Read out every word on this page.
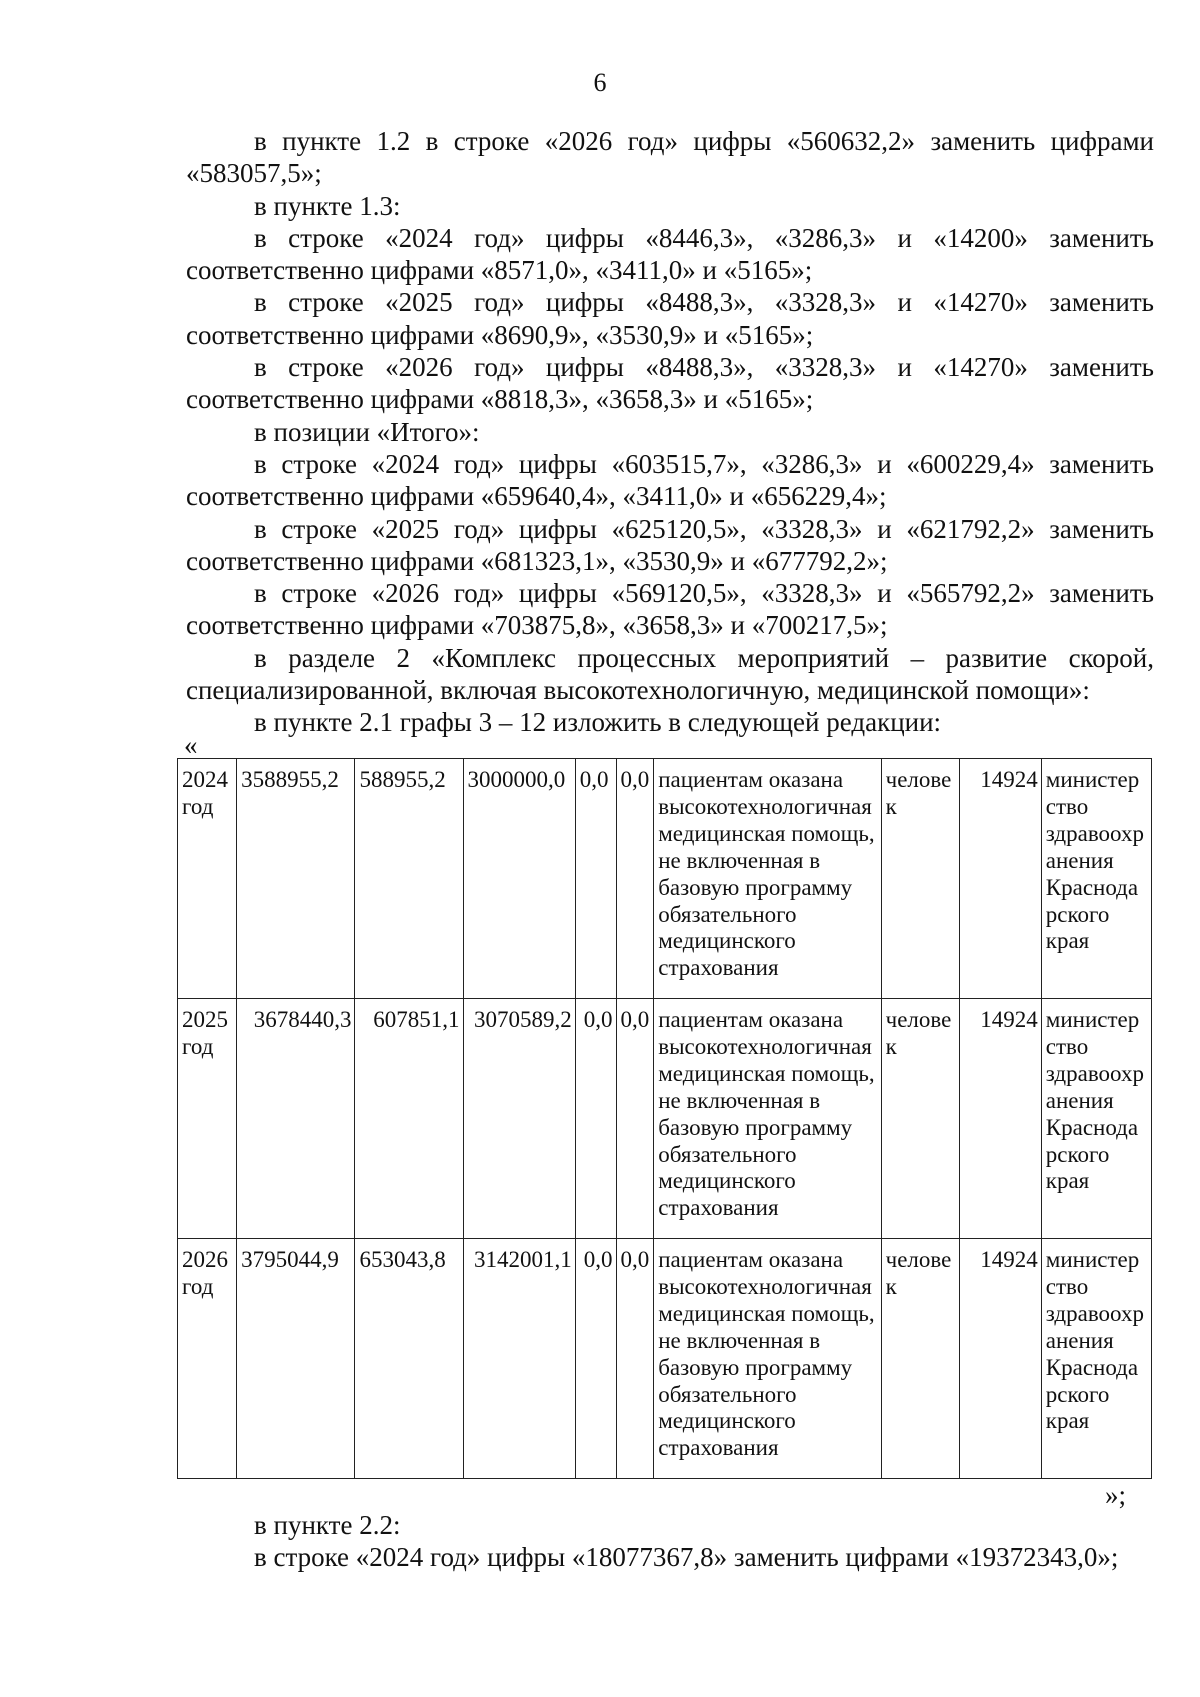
6

в пункте 1.2 в строке «2026 год» цифры «560632,2» заменить цифрами «583057,5»;

в пункте 1.3:

в строке «2024 год» цифры «8446,3», «3286,3» и «14200» заменить соответственно цифрами «8571,0», «3411,0» и «5165»;

в строке «2025 год» цифры «8488,3», «3328,3» и «14270» заменить соответственно цифрами «8690,9», «3530,9» и «5165»;

в строке «2026 год» цифры «8488,3», «3328,3» и «14270» заменить соответственно цифрами «8818,3», «3658,3» и «5165»;

в позиции «Итого»:

в строке «2024 год» цифры «603515,7», «3286,3» и «600229,4» заменить соответственно цифрами «659640,4», «3411,0» и «656229,4»;

в строке «2025 год» цифры «625120,5», «3328,3» и «621792,2» заменить соответственно цифрами «681323,1», «3530,9» и «677792,2»;

в строке «2026 год» цифры «569120,5», «3328,3» и «565792,2» заменить соответственно цифрами «703875,8», «3658,3» и «700217,5»;

в разделе 2 «Комплекс процессных мероприятий – развитие скорой, специализированной, включая высокотехнологичную, медицинской помощи»:

в пункте 2.1 графы 3 – 12 изложить в следующей редакции:

«
2024 год	3588955,2	588955,2	3000000,0	0,0	0,0	пациентам оказана высокотехнологичная медицинская помощь, не включенная в базовую программу обязательного медицинского страхования	человек	14924	министерство здравоохранения Краснодарского края
2025 год	3678440,3	607851,1	3070589,2	0,0	0,0	пациентам оказана высокотехнологичная медицинская помощь, не включенная в базовую программу обязательного медицинского страхования	человек	14924	министерство здравоохранения Краснодарского края
2026 год	3795044,9	653043,8	3142001,1	0,0	0,0	пациентам оказана высокотехнологичная медицинская помощь, не включенная в базовую программу обязательного медицинского страхования	человек	14924	министерство здравоохранения Краснодарского края
»;

в пункте 2.2:

в строке «2024 год» цифры «18077367,8» заменить цифрами «19372343,0»;
